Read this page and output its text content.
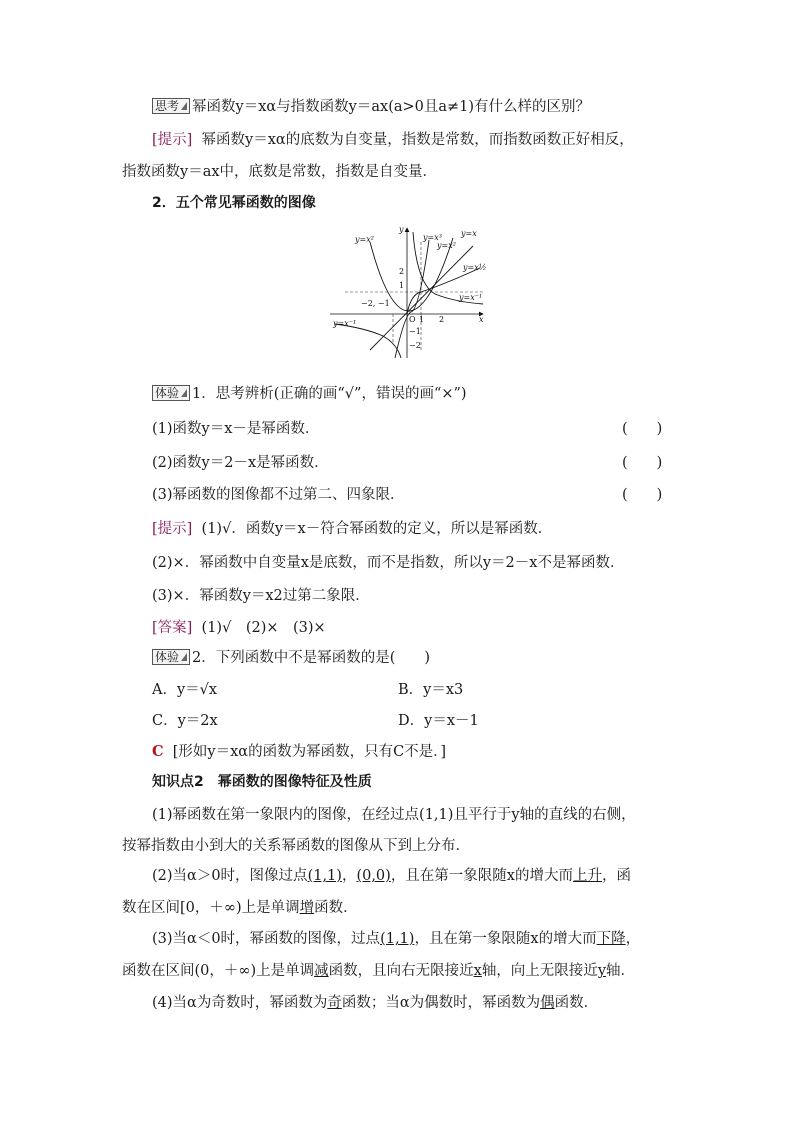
思考 幂函数y＝xα与指数函数y＝ax(a>0且a≠1)有什么样的区别？
[提示] 幂函数y＝xα的底数为自变量，指数是常数，而指数函数正好相反，
指数函数y＝ax中，底数是常数，指数是自变量．
2．五个常见幂函数的图像
y=x²	y=x³
y=x²
y=x
y=x½
y=x⁻¹
y=x⁻¹
y
x
O 1 2
2
1
−1
−2
−2, −1
体验 1．思考辨析(正确的画“√”，错误的画“×”)
(1)函数y＝x－是幂函数．	(　　)
(2)函数y＝2－x是幂函数．	(　　)
(3)幂函数的图像都不过第二、四象限．	(　　)
[提示] (1)√．函数y＝x－符合幂函数的定义，所以是幂函数．
(2)×．幂函数中自变量x是底数，而不是指数，所以y＝2－x不是幂函数．
(3)×．幂函数y＝x2过第二象限．
[答案] (1)√　(2)×　(3)×
体验 2．下列函数中不是幂函数的是(　　)
A．y＝√x	B．y＝x3
C．y＝2x	D．y＝x－1
C [形如y＝xα的函数为幂函数，只有C不是．]
知识点2　幂函数的图像特征及性质
(1)幂函数在第一象限内的图像，在经过点(1,1)且平行于y轴的直线的右侧，
按幂指数由小到大的关系幂函数的图像从下到上分布．
(2)当α＞0时，图像过点(1,1)，(0,0)，且在第一象限随x的增大而上升，函
数在区间[0，＋∞)上是单调增函数．
(3)当α＜0时，幂函数的图像，过点(1,1)，且在第一象限随x的增大而下降，
函数在区间(0，＋∞)上是单调减函数，且向右无限接近x轴，向上无限接近y轴．
(4)当α为奇数时，幂函数为奇函数；当α为偶数时，幂函数为偶函数．
